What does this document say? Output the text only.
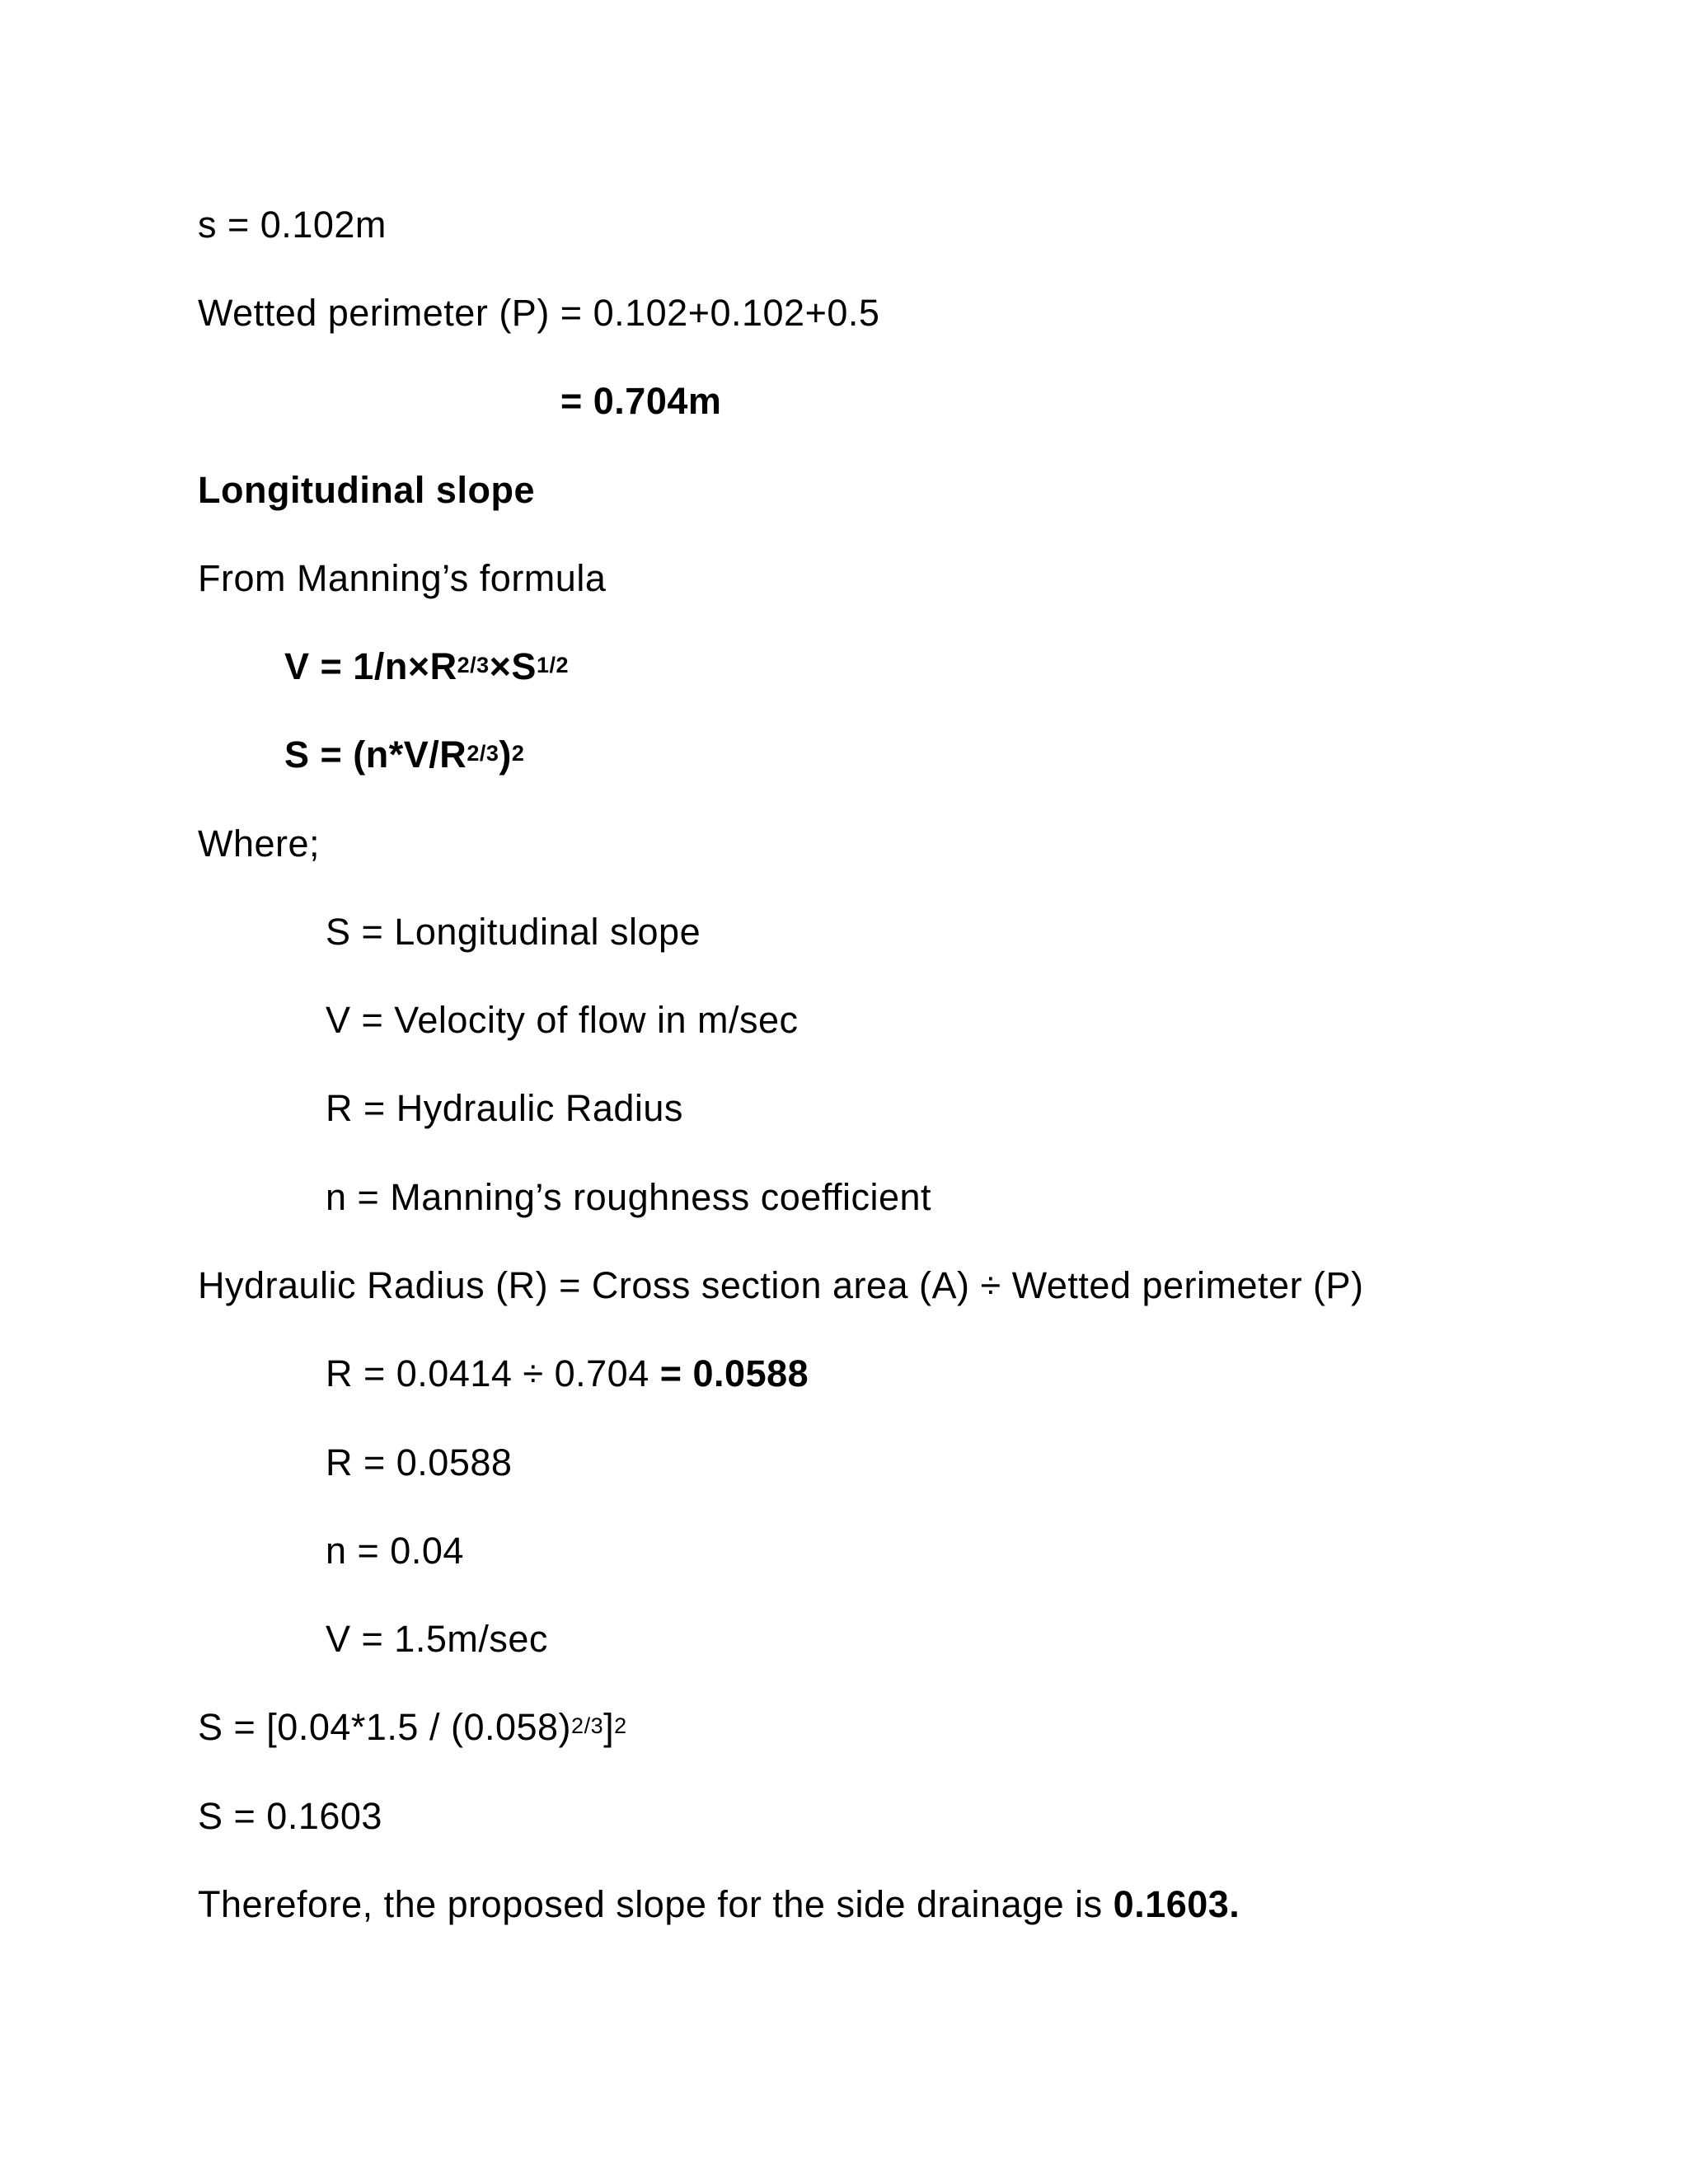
s = 0.102m
Wetted perimeter (P) = 0.102+0.102+0.5
= 0.704m
Longitudinal slope
From Manning’s formula
$V = 1/n\times R^{2/3}\times S^{1/2}$
$S = (n*V/R^{2/3})^2$
Where;
S = Longitudinal slope
V = Velocity of flow in m/sec
R = Hydraulic Radius
n = Manning’s roughness coefficient
Hydraulic Radius (R) = Cross section area (A) ÷ Wetted perimeter (P)
R = 0.0414 ÷ 0.704 = 0.0588
R = 0.0588
n = 0.04
V = 1.5m/sec
$S = [0.04*1.5 / (0.058)^{2/3}]^2$
S = 0.1603
Therefore, the proposed slope for the side drainage is 0.1603.
